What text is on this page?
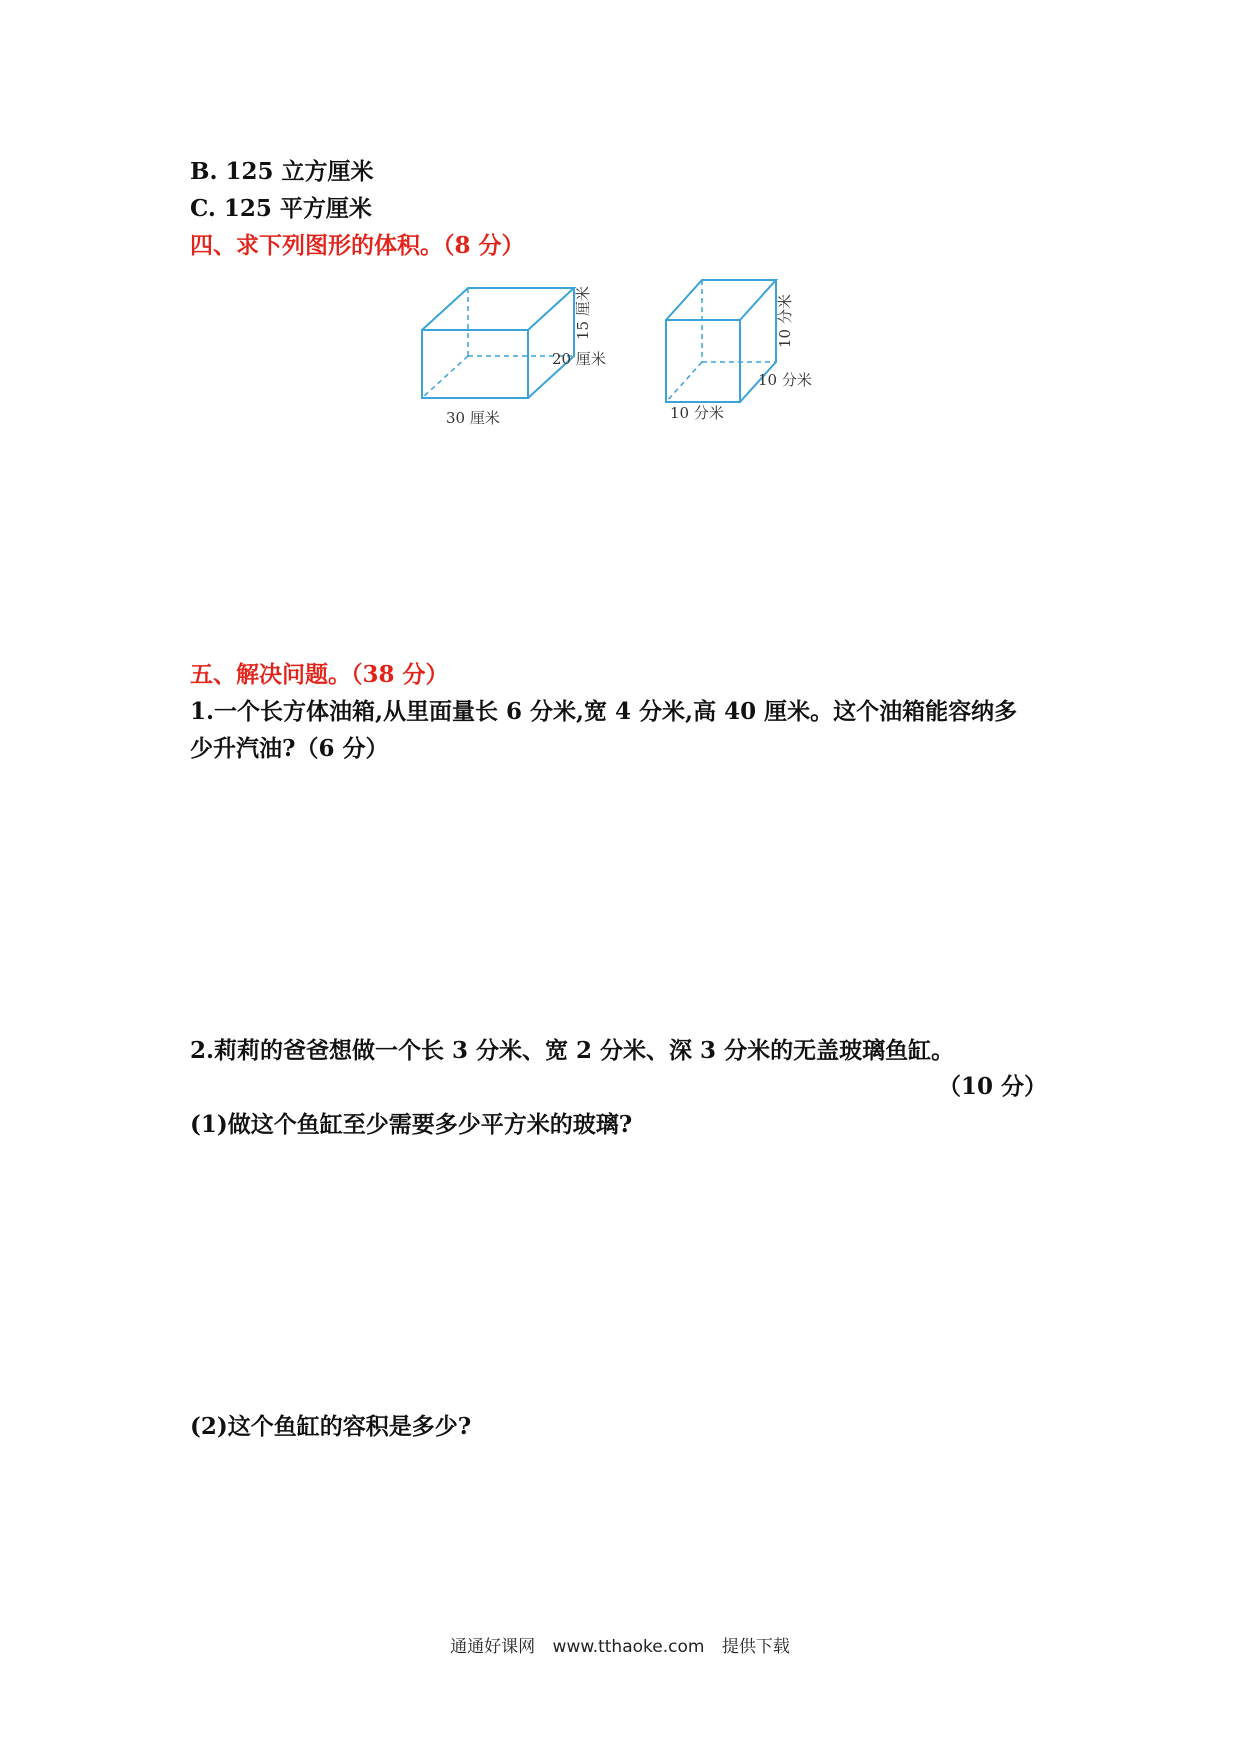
B. 125 立方厘米
C. 125 平方厘米
四、求下列图形的体积。（8 分）
15 厘米
20 厘米
30 厘米
10 分米
10 分米
10 分米
五、解决问题。（38 分）
1.一个长方体油箱,从里面量长 6 分米,宽 4 分米,高 40 厘米。这个油箱能容纳多
少升汽油?（6 分）
2.莉莉的爸爸想做一个长 3 分米、宽 2 分米、深 3 分米的无盖玻璃鱼缸。
（10 分）
(1)做这个鱼缸至少需要多少平方米的玻璃?
(2)这个鱼缸的容积是多少?
通通好课网 www.tthaoke.com 提供下载
